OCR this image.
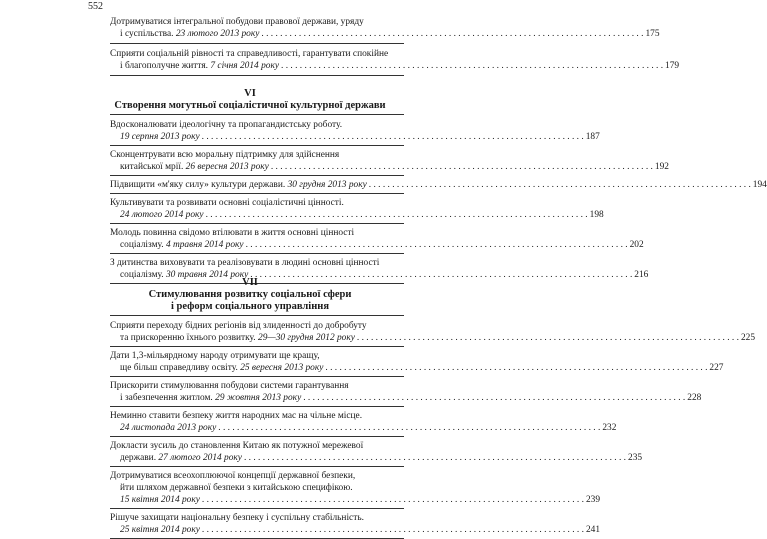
552
Дотримуватися інтегральної побудови правової держави, уряду
і суспільства. 23 лютого 2013 року . . . . . . . . . . . . . . . . . . . . . . . . . . . . . . . . . . . . . . . . . . . . . . . . . . . . . . . . . . . . . . . . . . . . . . . . . . . . . . . . . . 175
Сприяти соціальній рівності та справедливості, гарантувати спокійне
і благополучне життя. 7 січня 2014 року . . . . . . . . . . . . . . . . . . . . . . . . . . . . . . . . . . . . . . . . . . . . . . . . . . . . . . . . . . . . . . . . . . . . . . . . . . . . . . . . . . 179
VI
Створення могутньої соціалістичної культурної держави
Вдосконалювати ідеологічну та пропагандистську роботу.
19 серпня 2013 року . . . . . . . . . . . . . . . . . . . . . . . . . . . . . . . . . . . . . . . . . . . . . . . . . . . . . . . . . . . . . . . . . . . . . . . . . . . . . . . . . . 187
Сконцентрувати всю моральну підтримку для здійснення
китайської мрії. 26 вересня 2013 року . . . . . . . . . . . . . . . . . . . . . . . . . . . . . . . . . . . . . . . . . . . . . . . . . . . . . . . . . . . . . . . . . . . . . . . . . . . . . . . . . . 192
Підвищити «м'яку силу» культури держави. 30 грудня 2013 року . . . . . . . . . . . . . . . . . . . . . . . . . . . . . . . . . . . . . . . . . . . . . . . . . . . . . . . . . . . . . . . . . . . . . . . . . . . . . . . . . . 194
Культивувати та розвивати основні соціалістичні цінності.
24 лютого 2014 року . . . . . . . . . . . . . . . . . . . . . . . . . . . . . . . . . . . . . . . . . . . . . . . . . . . . . . . . . . . . . . . . . . . . . . . . . . . . . . . . . . 198
Молодь повинна свідомо втілювати в життя основні цінності
соціалізму. 4 травня 2014 року . . . . . . . . . . . . . . . . . . . . . . . . . . . . . . . . . . . . . . . . . . . . . . . . . . . . . . . . . . . . . . . . . . . . . . . . . . . . . . . . . . 202
З дитинства виховувати та реалізовувати в людині основні цінності
соціалізму. 30 травня 2014 року . . . . . . . . . . . . . . . . . . . . . . . . . . . . . . . . . . . . . . . . . . . . . . . . . . . . . . . . . . . . . . . . . . . . . . . . . . . . . . . . . . 216
VII
Стимулювання розвитку соціальної сфери
і реформ соціального управління
Сприяти переходу бідних регіонів від злиденності до добробуту
та прискоренню їхнього розвитку. 29—30 грудня 2012 року . . . . . . . . . . . . . . . . . . . . . . . . . . . . . . . . . . . . . . . . . . . . . . . . . . . . . . . . . . . . . . . . . . . . . . . . . . . . . . . . . . 225
Дати 1,3-мільярдному народу отримувати ще кращу,
ще більш справедливу освіту. 25 вересня 2013 року . . . . . . . . . . . . . . . . . . . . . . . . . . . . . . . . . . . . . . . . . . . . . . . . . . . . . . . . . . . . . . . . . . . . . . . . . . . . . . . . . . 227
Прискорити стимулювання побудови системи гарантування
і забезпечення житлом. 29 жовтня 2013 року . . . . . . . . . . . . . . . . . . . . . . . . . . . . . . . . . . . . . . . . . . . . . . . . . . . . . . . . . . . . . . . . . . . . . . . . . . . . . . . . . . 228
Неминно ставити безпеку життя народних мас на чільне місце.
24 листопада 2013 року . . . . . . . . . . . . . . . . . . . . . . . . . . . . . . . . . . . . . . . . . . . . . . . . . . . . . . . . . . . . . . . . . . . . . . . . . . . . . . . . . . 232
Докласти зусиль до становлення Китаю як потужної мережевої
держави. 27 лютого 2014 року . . . . . . . . . . . . . . . . . . . . . . . . . . . . . . . . . . . . . . . . . . . . . . . . . . . . . . . . . . . . . . . . . . . . . . . . . . . . . . . . . . 235
Дотримуватися всеохоплюючої концепції державної безпеки,
йти шляхом державної безпеки з китайською специфікою.
15 квітня 2014 року . . . . . . . . . . . . . . . . . . . . . . . . . . . . . . . . . . . . . . . . . . . . . . . . . . . . . . . . . . . . . . . . . . . . . . . . . . . . . . . . . . 239
Рішуче захищати національну безпеку і суспільну стабільність.
25 квітня 2014 року . . . . . . . . . . . . . . . . . . . . . . . . . . . . . . . . . . . . . . . . . . . . . . . . . . . . . . . . . . . . . . . . . . . . . . . . . . . . . . . . . . 241
